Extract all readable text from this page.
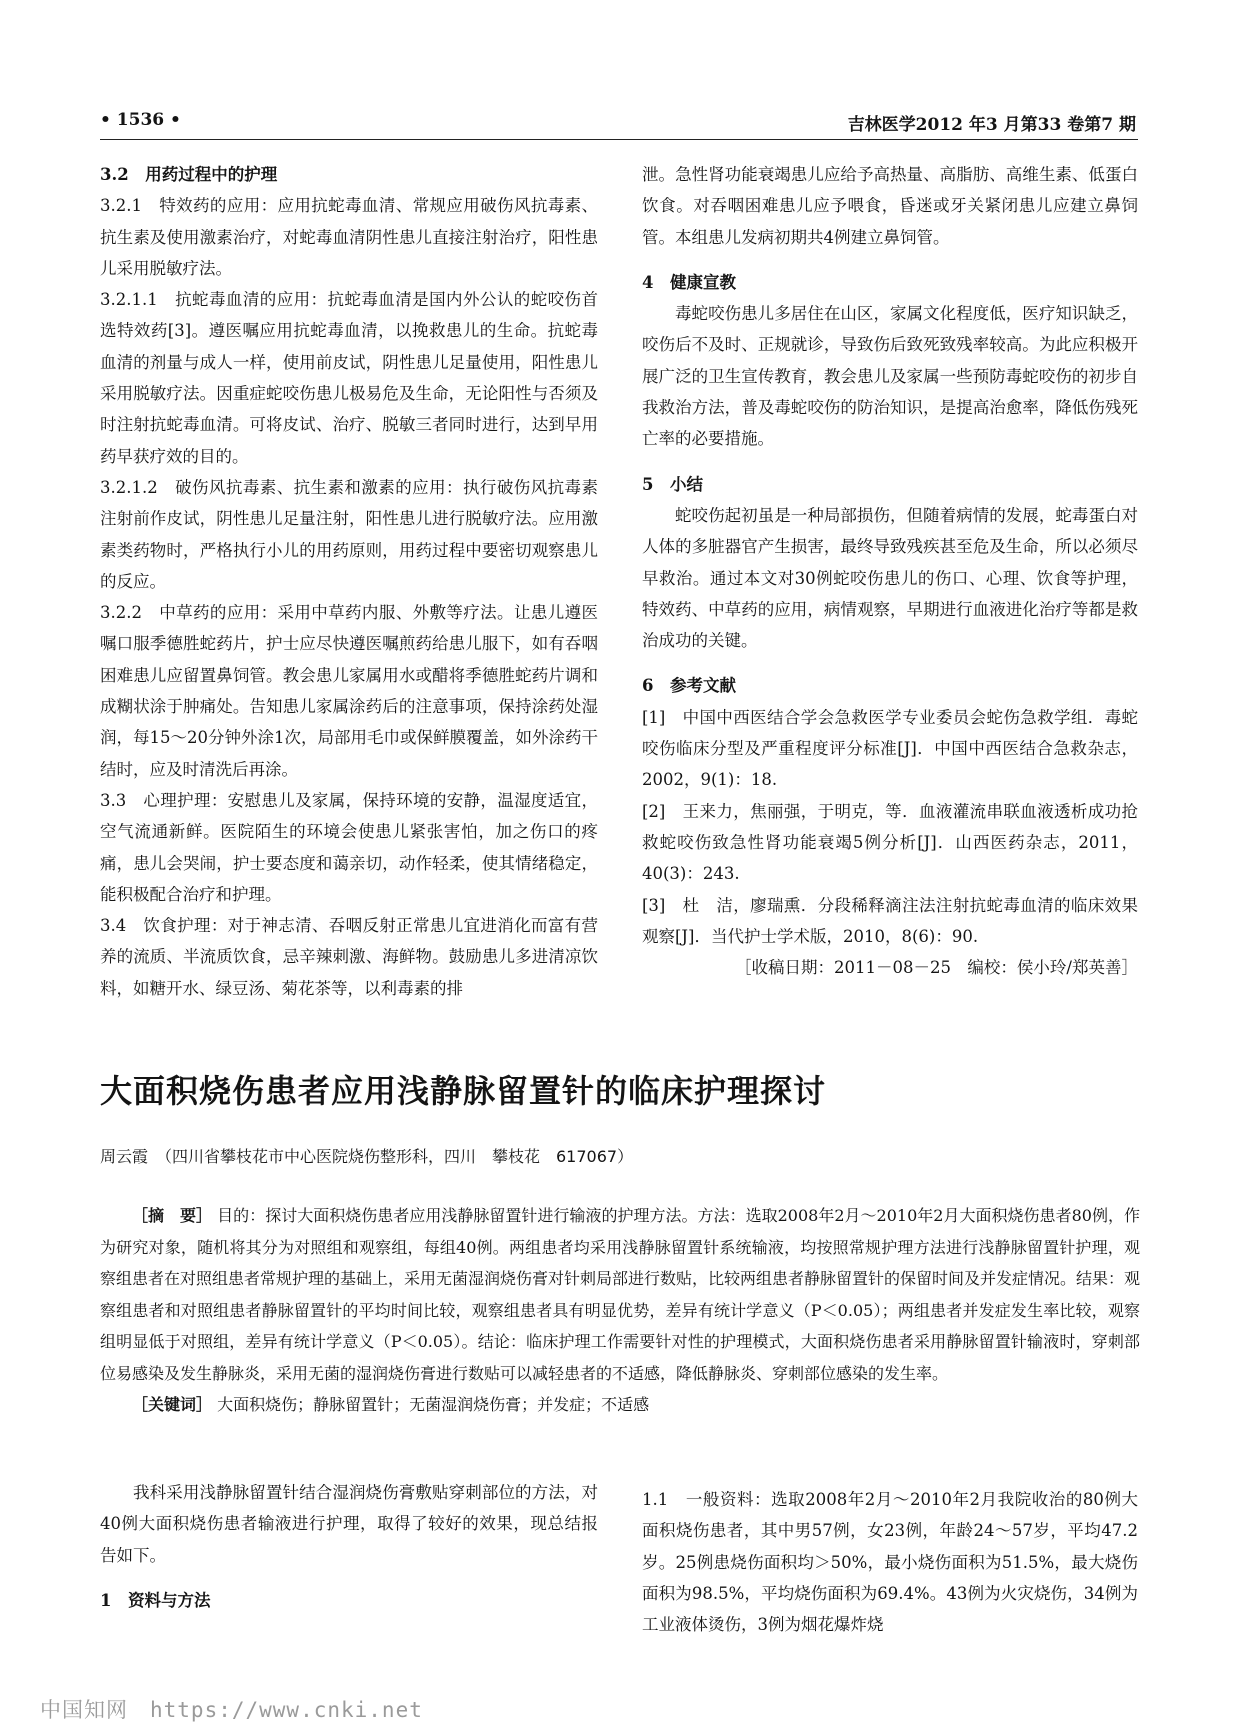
• 1536 •	吉林医学2012 年3 月第33 卷第7 期

3.2　用药过程中的护理

3.2.1　特效药的应用：应用抗蛇毒血清、常规应用破伤风抗毒素、抗生素及使用激素治疗，对蛇毒血清阴性患儿直接注射治疗，阳性患儿采用脱敏疗法。

3.2.1.1　抗蛇毒血清的应用：抗蛇毒血清是国内外公认的蛇咬伤首选特效药[3]。遵医嘱应用抗蛇毒血清，以挽救患儿的生命。抗蛇毒血清的剂量与成人一样，使用前皮试，阴性患儿足量使用，阳性患儿采用脱敏疗法。因重症蛇咬伤患儿极易危及生命，无论阳性与否须及时注射抗蛇毒血清。可将皮试、治疗、脱敏三者同时进行，达到早用药早获疗效的目的。

3.2.1.2　破伤风抗毒素、抗生素和激素的应用：执行破伤风抗毒素注射前作皮试，阴性患儿足量注射，阳性患儿进行脱敏疗法。应用激素类药物时，严格执行小儿的用药原则，用药过程中要密切观察患儿的反应。

3.2.2　中草药的应用：采用中草药内服、外敷等疗法。让患儿遵医嘱口服季德胜蛇药片，护士应尽快遵医嘱煎药给患儿服下，如有吞咽困难患儿应留置鼻饲管。教会患儿家属用水或醋将季德胜蛇药片调和成糊状涂于肿痛处。告知患儿家属涂药后的注意事项，保持涂药处湿润，每15～20分钟外涂1次，局部用毛巾或保鲜膜覆盖，如外涂药干结时，应及时清洗后再涂。

3.3　心理护理：安慰患儿及家属，保持环境的安静，温湿度适宜，空气流通新鲜。医院陌生的环境会使患儿紧张害怕，加之伤口的疼痛，患儿会哭闹，护士要态度和蔼亲切，动作轻柔，使其情绪稳定，能积极配合治疗和护理。

3.4　饮食护理：对于神志清、吞咽反射正常患儿宜进消化而富有营养的流质、半流质饮食，忌辛辣刺激、海鲜物。鼓励患儿多进清凉饮料，如糖开水、绿豆汤、菊花茶等，以利毒素的排

泄。急性肾功能衰竭患儿应给予高热量、高脂肪、高维生素、低蛋白饮食。对吞咽困难患儿应予喂食，昏迷或牙关紧闭患儿应建立鼻饲管。本组患儿发病初期共4例建立鼻饲管。

4　健康宣教

毒蛇咬伤患儿多居住在山区，家属文化程度低，医疗知识缺乏，咬伤后不及时、正规就诊，导致伤后致死致残率较高。为此应积极开展广泛的卫生宣传教育，教会患儿及家属一些预防毒蛇咬伤的初步自我救治方法，普及毒蛇咬伤的防治知识，是提高治愈率，降低伤残死亡率的必要措施。

5　小结

蛇咬伤起初虽是一种局部损伤，但随着病情的发展，蛇毒蛋白对人体的多脏器官产生损害，最终导致残疾甚至危及生命，所以必须尽早救治。通过本文对30例蛇咬伤患儿的伤口、心理、饮食等护理，特效药、中草药的应用，病情观察，早期进行血液进化治疗等都是救治成功的关键。

6　参考文献

[1]　中国中西医结合学会急救医学专业委员会蛇伤急救学组．毒蛇咬伤临床分型及严重程度评分标准[J]．中国中西医结合急救杂志，2002，9(1)：18.

[2]　王来力，焦丽强，于明克，等．血液灌流串联血液透析成功抢救蛇咬伤致急性肾功能衰竭5例分析[J]．山西医药杂志，2011，40(3)：243.

[3]　杜　洁，廖瑞熏．分段稀释滴注法注射抗蛇毒血清的临床效果观察[J]．当代护士学术版，2010，8(6)：90.

［收稿日期：2011－08－25　编校：侯小玲/郑英善］

大面积烧伤患者应用浅静脉留置针的临床护理探讨
周云霞　（四川省攀枝花市中心医院烧伤整形科，四川　攀枝花　617067）

［摘　要］ 目的：探讨大面积烧伤患者应用浅静脉留置针进行输液的护理方法。方法：选取2008年2月～2010年2月大面积烧伤患者80例，作为研究对象，随机将其分为对照组和观察组，每组40例。两组患者均采用浅静脉留置针系统输液，均按照常规护理方法进行浅静脉留置针护理，观察组患者在对照组患者常规护理的基础上，采用无菌湿润烧伤膏对针刺局部进行数贴，比较两组患者静脉留置针的保留时间及并发症情况。结果：观察组患者和对照组患者静脉留置针的平均时间比较，观察组患者具有明显优势，差异有统计学意义（P＜0.05）；两组患者并发症发生率比较，观察组明显低于对照组，差异有统计学意义（P＜0.05）。结论：临床护理工作需要针对性的护理模式，大面积烧伤患者采用静脉留置针输液时，穿刺部位易感染及发生静脉炎，采用无菌的湿润烧伤膏进行数贴可以减轻患者的不适感，降低静脉炎、穿刺部位感染的发生率。

［关键词］ 大面积烧伤；静脉留置针；无菌湿润烧伤膏；并发症；不适感

我科采用浅静脉留置针结合湿润烧伤膏敷贴穿刺部位的方法，对40例大面积烧伤患者输液进行护理，取得了较好的效果，现总结报告如下。

1　资料与方法

1.1　一般资料：选取2008年2月～2010年2月我院收治的80例大面积烧伤患者，其中男57例，女23例，年龄24～57岁，平均47.2岁。25例患烧伤面积均＞50%，最小烧伤面积为51.5%，最大烧伤面积为98.5%，平均烧伤面积为69.4%。43例为火灾烧伤，34例为工业液体烫伤，3例为烟花爆炸烧

中国知网　https://www.cnki.net
